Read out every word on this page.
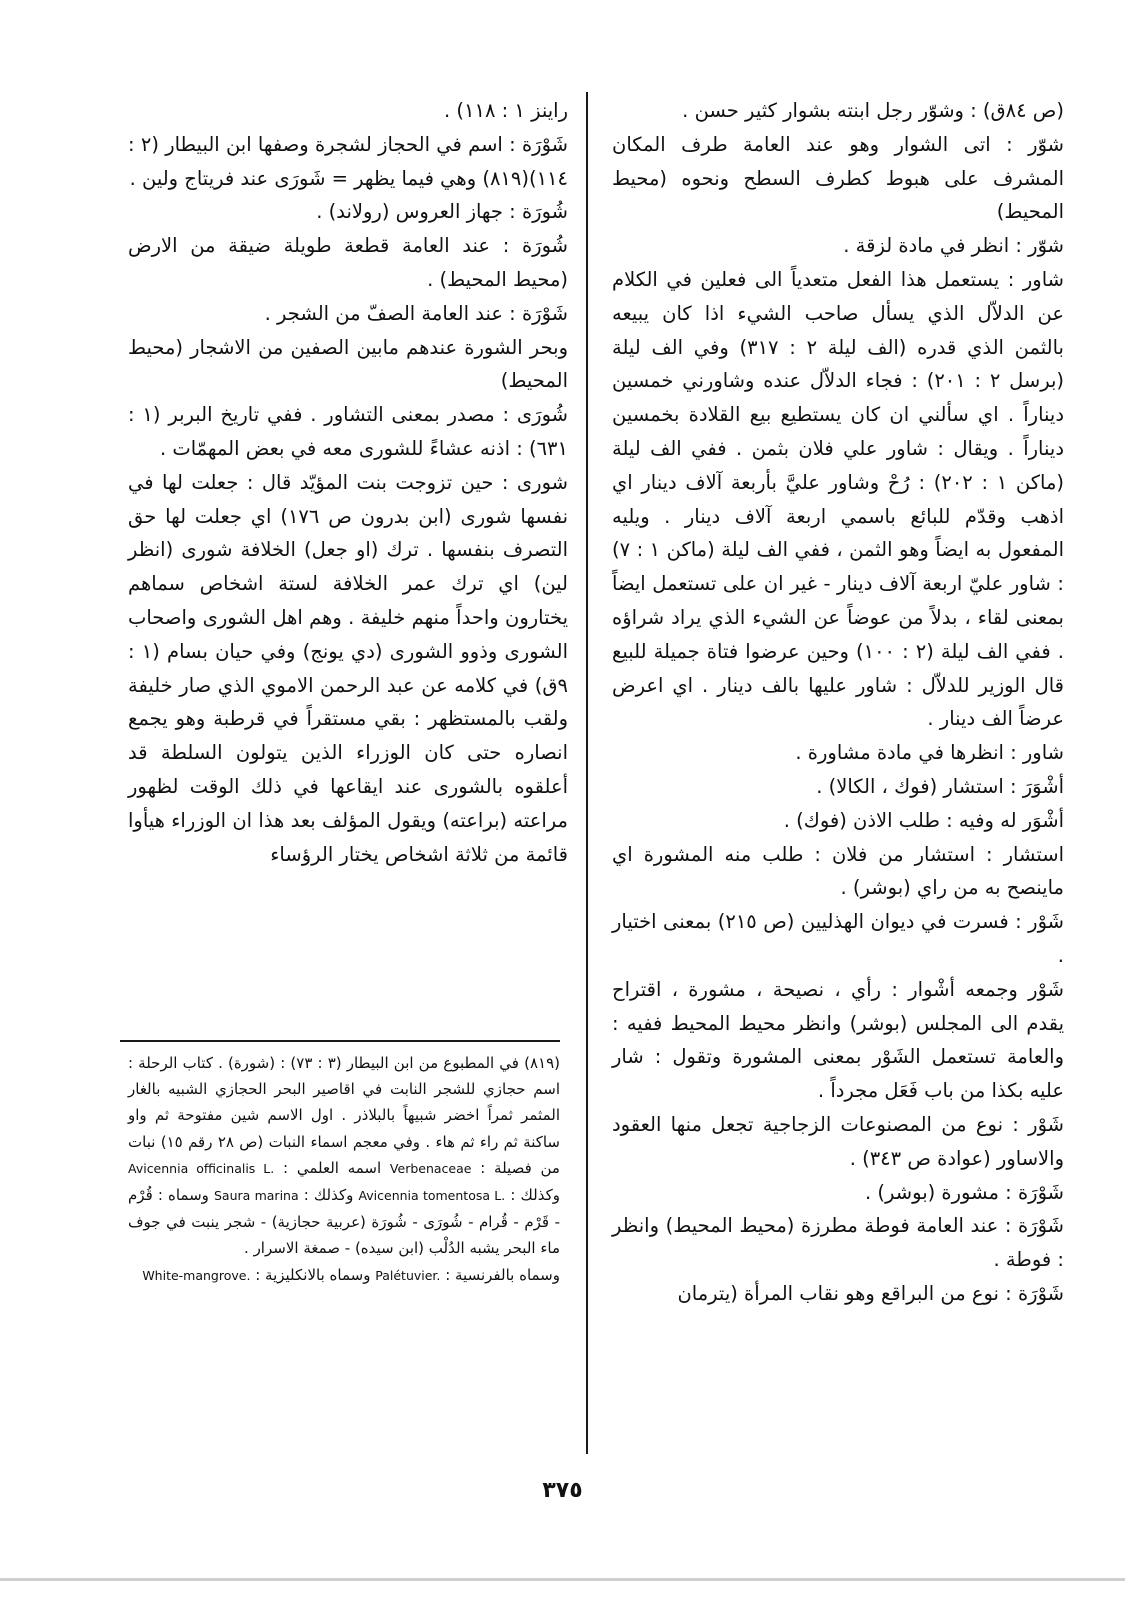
(ص ٨٤ق) : وشوّر رجل ابنته بشوار كثير حسن .

شوّر : اتى الشوار وهو عند العامة طرف المكان المشرف على هبوط كطرف السطح ونحوه (محيط المحيط)

شوّر : انظر في مادة لزقة .

شاور : يستعمل هذا الفعل متعدياً الى فعلين في الكلام عن الدلاّل الذي يسأل صاحب الشيء اذا كان يبيعه بالثمن الذي قدره (الف ليلة ٢ : ٣١٧) وفي الف ليلة (برسل ٢ : ٢٠١) : فجاء الدلاّل عنده وشاورني خمسين ديناراً . اي سألني ان كان يستطيع بيع القلادة بخمسين ديناراً . ويقال : شاور علي فلان بثمن . ففي الف ليلة (ماكن ١ : ٢٠٢) : رُحْ وشاور عليَّ بأربعة آلاف دينار اي اذهب وقدّم للبائع باسمي اربعة آلاف دينار . ويليه المفعول به ايضاً وهو الثمن ، ففي الف ليلة (ماكن ١ : ٧) : شاور عليّ اربعة آلاف دينار - غير ان على تستعمل ايضاً بمعنى لقاء ، بدلاً من عوضاً عن الشيء الذي يراد شراؤه . ففي الف ليلة (٢ : ١٠٠) وحين عرضوا فتاة جميلة للبيع قال الوزير للدلاّل : شاور عليها بالف دينار . اي اعرض عرضاً الف دينار .

شاور : انظرها في مادة مشاورة .

أشْوَرَ : استشار (فوك ، الكالا) .

أشْوَر له وفيه : طلب الاذن (فوك) .

استشار : استشار من فلان : طلب منه المشورة اي ماينصح به من راي (بوشر) .

شَوْر : فسرت في ديوان الهذليين (ص ٢١٥) بمعنى اختيار .

شَوْر وجمعه أشْوار : رأي ، نصيحة ، مشورة ، اقتراح يقدم الى المجلس (بوشر) وانظر محيط المحيط ففيه : والعامة تستعمل الشَوْر بمعنى المشورة وتقول : شار عليه بكذا من باب فَعَل مجرداً .

شَوْر : نوع من المصنوعات الزجاجية تجعل منها العقود والاساور (عوادة ص ٣٤٣) .

شَوْرَة : مشورة (بوشر) .

شَوْرَة : عند العامة فوطة مطرزة (محيط المحيط) وانظر : فوطة .

شَوْرَة : نوع من البراقع وهو نقاب المرأة (يترمان

راينز ١ : ١١٨) .

شَوْرَة : اسم في الحجاز لشجرة وصفها ابن البيطار (٢ : ١١٤)(٨١٩) وهي فيما يظهر = شَورَى عند فريتاج ولين .

شُورَة : جهاز العروس (رولاند) .

شُورَة : عند العامة قطعة طويلة ضيقة من الارض (محيط المحيط) .

شَوْرَة : عند العامة الصفّ من الشجر .

وبحر الشورة عندهم مابين الصفين من الاشجار (محيط المحيط)

شُورَى : مصدر بمعنى التشاور . ففي تاريخ البربر (١ : ٦٣١) : اذنه عشاءً للشورى معه في بعض المهمّات .

شورى : حين تزوجت بنت المؤيّد قال : جعلت لها في نفسها شورى (ابن بدرون ص ١٧٦) اي جعلت لها حق التصرف بنفسها . ترك (او جعل) الخلافة شورى (انظر لين) اي ترك عمر الخلافة لستة اشخاص سماهم يختارون واحداً منهم خليفة . وهم اهل الشورى واصحاب الشورى وذوو الشورى (دي يونج) وفي حيان بسام (١ : ٩ق) في كلامه عن عبد الرحمن الاموي الذي صار خليفة ولقب بالمستظهر : بقي مستقراً في قرطبة وهو يجمع انصاره حتى كان الوزراء الذين يتولون السلطة قد أعلقوه بالشورى عند ايقاعها في ذلك الوقت لظهور مراعته (براعته) ويقول المؤلف بعد هذا ان الوزراء هيأوا قائمة من ثلاثة اشخاص يختار الرؤساء

(٨١٩) في المطبوع من ابن البيطار (٣ : ٧٣) : (شورة) . كتاب الرحلة : اسم حجازي للشجر النابت في اقاصير البحر الحجازي الشبيه بالغار المثمر ثمراً اخضر شبيهاً بالبلاذر . اول الاسم شين مفتوحة ثم واو ساكنة ثم راء ثم هاء . وفي معجم اسماء النبات (ص ٢٨ رقم ١٥) نبات من فصيلة : Verbenaceae اسمه العلمي : Avicennia officinalis L. وكذلك : Avicennia tomentosa L. وكذلك : Saura marina وسماه : قُرْم - قَرْم - قُرام - شُورَى - شُورَة (عربية حجازية) - شجر ينبت في جوف ماء البحر يشبه الدُلْب (ابن سيده) - صمغة الاسرار .

وسماه بالفرنسية : Palétuvier. وسماه بالانكليزية : White-mangrove.

٣٧٥
